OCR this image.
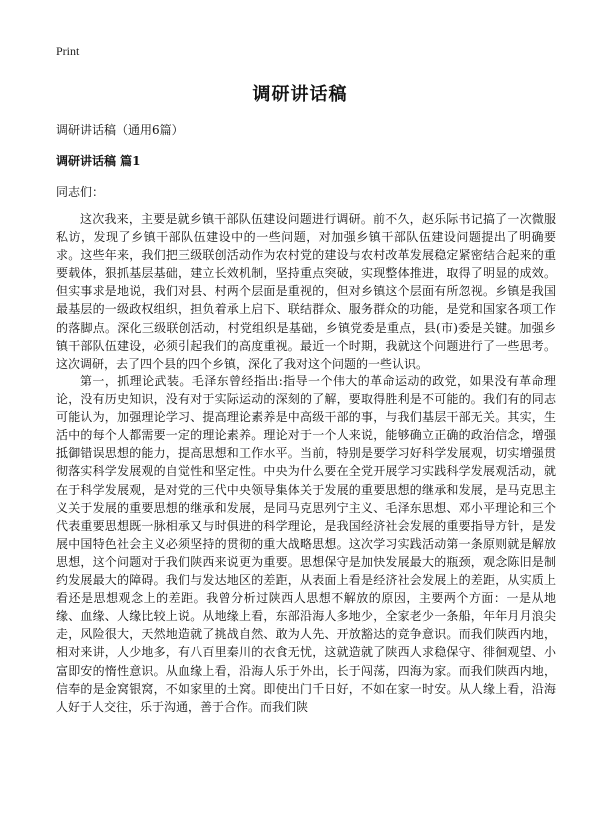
Print
调研讲话稿
调研讲话稿（通用6篇）
调研讲话稿 篇1
同志们：

这次我来，主要是就乡镇干部队伍建设问题进行调研。前不久，赵乐际书记搞了一次微服私访，发现了乡镇干部队伍建设中的一些问题，对加强乡镇干部队伍建设问题提出了明确要求。这些年来，我们把三级联创活动作为农村党的建设与农村改革发展稳定紧密结合起来的重要载体，狠抓基层基础，建立长效机制，坚持重点突破，实现整体推进，取得了明显的成效。但实事求是地说，我们对县、村两个层面是重视的，但对乡镇这个层面有所忽视。乡镇是我国最基层的一级政权组织，担负着承上启下、联结群众、服务群众的功能，是党和国家各项工作的落脚点。深化三级联创活动，村党组织是基础，乡镇党委是重点，县(市)委是关键。加强乡镇干部队伍建设，必须引起我们的高度重视。最近一个时期，我就这个问题进行了一些思考。这次调研，去了四个县的四个乡镇，深化了我对这个问题的一些认识。

第一，抓理论武装。毛泽东曾经指出:指导一个伟大的革命运动的政党，如果没有革命理论，没有历史知识，没有对于实际运动的深刻的了解，要取得胜利是不可能的。我们有的同志可能认为，加强理论学习、提高理论素养是中高级干部的事，与我们基层干部无关。其实，生活中的每个人都需要一定的理论素养。理论对于一个人来说，能够确立正确的政治信念，增强抵御错误思想的能力，提高思想和工作水平。当前，特别是要学习好科学发展观，切实增强贯彻落实科学发展观的自觉性和坚定性。中央为什么要在全党开展学习实践科学发展观活动，就在于科学发展观，是对党的三代中央领导集体关于发展的重要思想的继承和发展，是马克思主义关于发展的重要思想的继承和发展，是同马克思列宁主义、毛泽东思想、邓小平理论和三个代表重要思想既一脉相承又与时俱进的科学理论，是我国经济社会发展的重要指导方针，是发展中国特色社会主义必须坚持的贯彻的重大战略思想。这次学习实践活动第一条原则就是解放思想，这个问题对于我们陕西来说更为重要。思想保守是加快发展最大的瓶颈，观念陈旧是制约发展最大的障碍。我们与发达地区的差距，从表面上看是经济社会发展上的差距，从实质上看还是思想观念上的差距。我曾分析过陕西人思想不解放的原因，主要两个方面：一是从地缘、血缘、人缘比较上说。从地缘上看，东部沿海人多地少，全家老少一条船，年年月月浪尖走，风险很大，天然地造就了挑战自然、敢为人先、开放豁达的竞争意识。而我们陕西内地，相对来讲，人少地多，有八百里秦川的衣食无忧，这就造就了陕西人求稳保守、徘徊观望、小富即安的惰性意识。从血缘上看，沿海人乐于外出，长于闯荡，四海为家。而我们陕西内地，信奉的是金窝银窝，不如家里的土窝。即使出门千日好，不如在家一时安。从人缘上看，沿海人好于人交往，乐于沟通，善于合作。而我们陕
